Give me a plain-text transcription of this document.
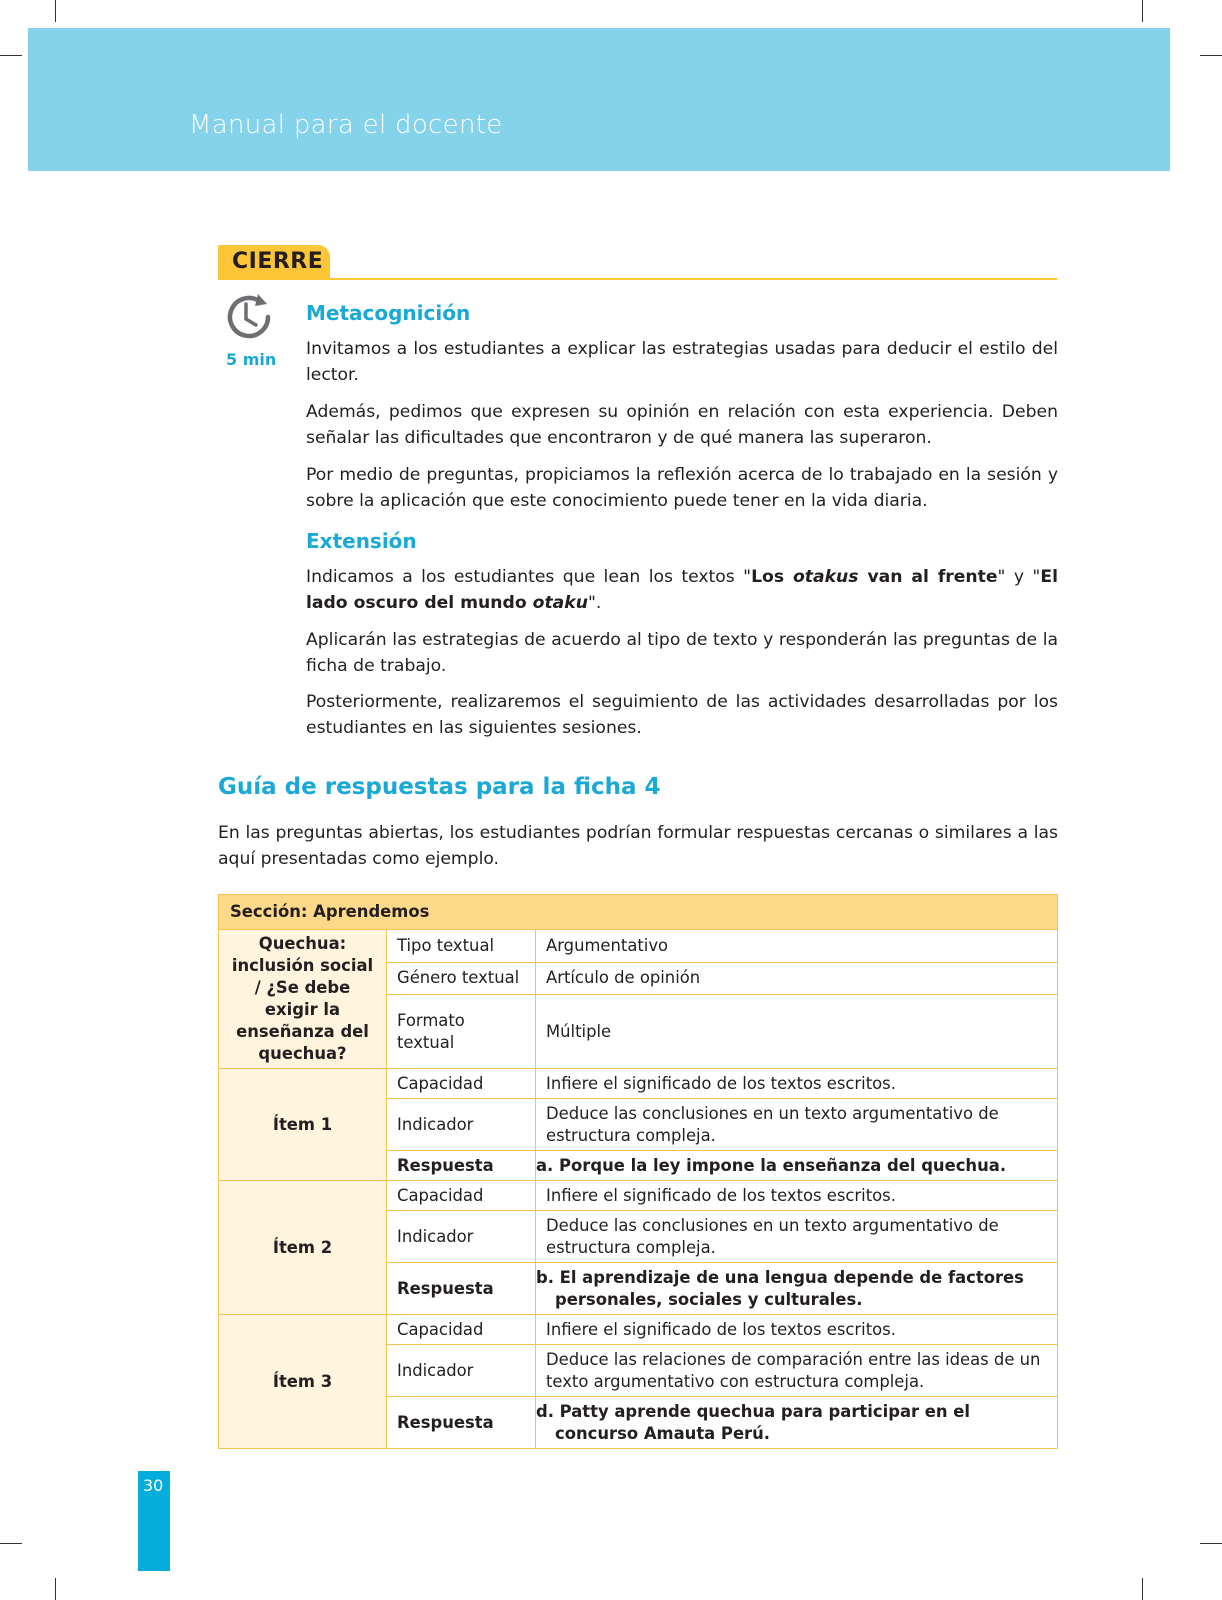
Manual para el docente
CIERRE
5 min
Metacognición
Invitamos a los estudiantes a explicar las estrategias usadas para deducir el estilo del lector.
Además, pedimos que expresen su opinión en relación con esta experiencia. Deben señalar las dificultades que encontraron y de qué manera las superaron.
Por medio de preguntas, propiciamos la reflexión acerca de lo trabajado en la sesión y sobre la aplicación que este conocimiento puede tener en la vida diaria.
Extensión
Indicamos a los estudiantes que lean los textos "Los otakus van al frente" y "El lado oscuro del mundo otaku".
Aplicarán las estrategias de acuerdo al tipo de texto y responderán las preguntas de la ficha de trabajo.
Posteriormente, realizaremos el seguimiento de las actividades desarrolladas por los estudiantes en las siguientes sesiones.
Guía de respuestas para la ficha 4
En las preguntas abiertas, los estudiantes podrían formular respuestas cercanas o similares a las aquí presentadas como ejemplo.
Sección: Aprendemos		
Quechua: inclusión social / ¿Se debe exigir la enseñanza del quechua?	Tipo textual	Argumentativo
	Género textual	Artículo de opinión
	Formato textual	Múltiple
Ítem 1	Capacidad	Infiere el significado de los textos escritos.
	Indicador	Deduce las conclusiones en un texto argumentativo de estructura compleja.
	Respuesta	a. Porque la ley impone la enseñanza del quechua.
Ítem 2	Capacidad	Infiere el significado de los textos escritos.
	Indicador	Deduce las conclusiones en un texto argumentativo de estructura compleja.
	Respuesta	b. El aprendizaje de una lengua depende de factores personales, sociales y culturales.
Ítem 3	Capacidad	Infiere el significado de los textos escritos.
	Indicador	Deduce las relaciones de comparación entre las ideas de un texto argumentativo con estructura compleja.
	Respuesta	d. Patty aprende quechua para participar en el concurso Amauta Perú.
30
